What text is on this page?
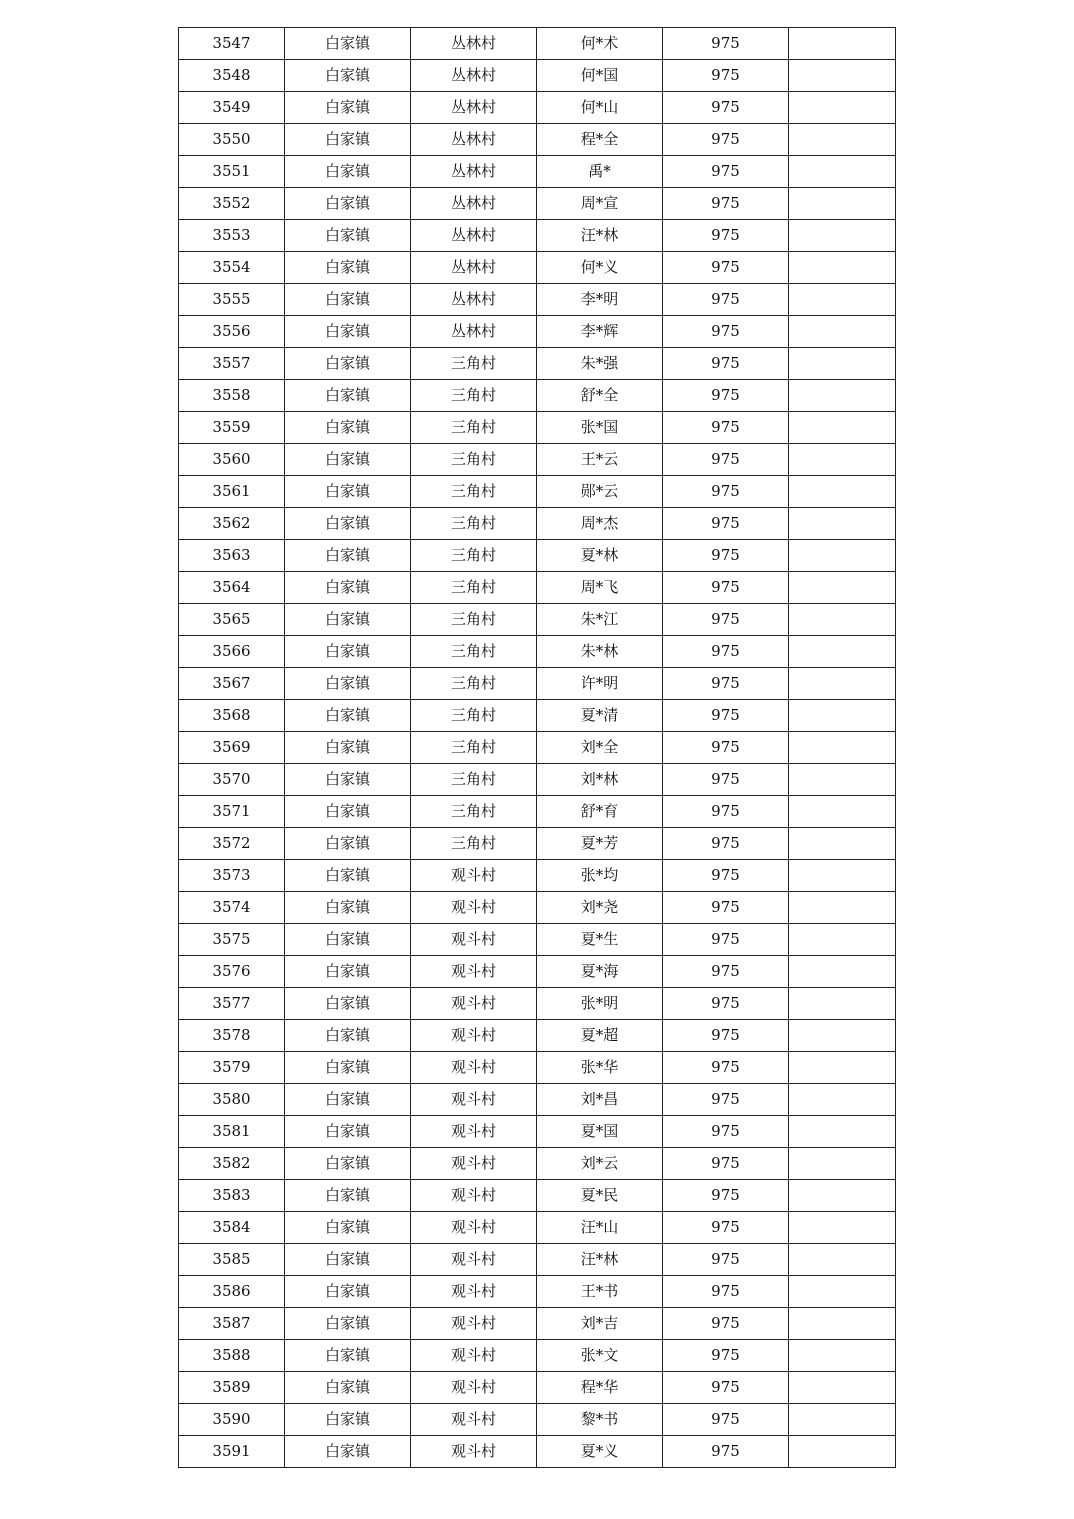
3547	白家镇	丛林村	何*术	975	
3548	白家镇	丛林村	何*国	975	
3549	白家镇	丛林村	何*山	975	
3550	白家镇	丛林村	程*全	975	
3551	白家镇	丛林村	禹*	975	
3552	白家镇	丛林村	周*宣	975	
3553	白家镇	丛林村	汪*林	975	
3554	白家镇	丛林村	何*义	975	
3555	白家镇	丛林村	李*明	975	
3556	白家镇	丛林村	李*辉	975	
3557	白家镇	三角村	朱*强	975	
3558	白家镇	三角村	舒*全	975	
3559	白家镇	三角村	张*国	975	
3560	白家镇	三角村	王*云	975	
3561	白家镇	三角村	郧*云	975	
3562	白家镇	三角村	周*杰	975	
3563	白家镇	三角村	夏*林	975	
3564	白家镇	三角村	周*飞	975	
3565	白家镇	三角村	朱*江	975	
3566	白家镇	三角村	朱*林	975	
3567	白家镇	三角村	许*明	975	
3568	白家镇	三角村	夏*清	975	
3569	白家镇	三角村	刘*全	975	
3570	白家镇	三角村	刘*林	975	
3571	白家镇	三角村	舒*育	975	
3572	白家镇	三角村	夏*芳	975	
3573	白家镇	观斗村	张*均	975	
3574	白家镇	观斗村	刘*尧	975	
3575	白家镇	观斗村	夏*生	975	
3576	白家镇	观斗村	夏*海	975	
3577	白家镇	观斗村	张*明	975	
3578	白家镇	观斗村	夏*超	975	
3579	白家镇	观斗村	张*华	975	
3580	白家镇	观斗村	刘*昌	975	
3581	白家镇	观斗村	夏*国	975	
3582	白家镇	观斗村	刘*云	975	
3583	白家镇	观斗村	夏*民	975	
3584	白家镇	观斗村	汪*山	975	
3585	白家镇	观斗村	汪*林	975	
3586	白家镇	观斗村	王*书	975	
3587	白家镇	观斗村	刘*吉	975	
3588	白家镇	观斗村	张*文	975	
3589	白家镇	观斗村	程*华	975	
3590	白家镇	观斗村	黎*书	975	
3591	白家镇	观斗村	夏*义	975	
